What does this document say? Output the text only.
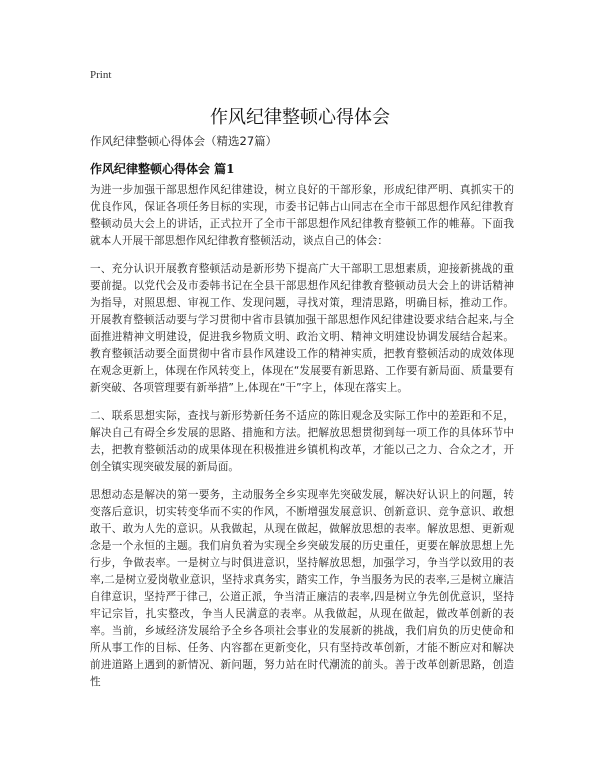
Print
作风纪律整顿心得体会
作风纪律整顿心得体会（精选27篇）
作风纪律整顿心得体会 篇1

为进一步加强干部思想作风纪律建设，树立良好的干部形象，形成纪律严明、真抓实干的优良作风，保证各项任务目标的实现，市委书记韩占山同志在全市干部思想作风纪律教育整顿动员大会上的讲话，正式拉开了全市干部思想作风纪律教育整顿工作的帷幕。下面我就本人开展干部思想作风纪律教育整顿活动，谈点自己的体会：

一、充分认识开展教育整顿活动是新形势下提高广大干部职工思想素质，迎接新挑战的重要前提。以党代会及市委韩书记在全县干部思想作风纪律教育整顿动员大会上的讲话精神为指导，对照思想、审视工作、发现问题，寻找对策，理清思路，明确目标，推动工作。开展教育整顿活动要与学习贯彻中省市县镇加强干部思想作风纪律建设要求结合起来,与全面推进精神文明建设，促进我乡物质文明、政治文明、精神文明建设协调发展结合起来。教育整顿活动要全面贯彻中省市县作风建设工作的精神实质，把教育整顿活动的成效体现在观念更新上，体现在作风转变上，体现在“发展要有新思路、工作要有新局面、质量要有新突破、各项管理要有新举措”上,体现在“干”字上，体现在落实上。

二、联系思想实际，查找与新形势新任务不适应的陈旧观念及实际工作中的差距和不足，解决自己有碍全乡发展的思路、措施和方法。把解放思想贯彻到每一项工作的具体环节中去，把教育整顿活动的成果体现在积极推进乡镇机构改革，才能以己之力、合众之才，开创全镇实现突破发展的新局面。

思想动态是解决的第一要务，主动服务全乡实现率先突破发展，解决好认识上的问题，转变落后意识，切实转变华而不实的作风，不断增强发展意识、创新意识、竞争意识、敢想敢干、敢为人先的意识。从我做起，从现在做起，做解放思想的表率。解放思想、更新观念是一个永恒的主题。我们肩负着为实现全乡突破发展的历史重任，更要在解放思想上先行步，争做表率。一是树立与时俱进意识，坚持解放思想，加强学习，争当学以致用的表率,二是树立爱岗敬业意识，坚持求真务实，踏实工作，争当服务为民的表率,三是树立廉洁自律意识，坚持严于律己，公道正派，争当清正廉洁的表率,四是树立争先创优意识，坚持牢记宗旨，扎实整改，争当人民满意的表率。从我做起，从现在做起，做改革创新的表率。当前，乡域经济发展给予全乡各项社会事业的发展新的挑战，我们肩负的历史使命和所从事工作的目标、任务、内容都在更新变化，只有坚持改革创新，才能不断应对和解决前进道路上遇到的新情况、新问题，努力站在时代潮流的前头。善于改革创新思路，创造性
